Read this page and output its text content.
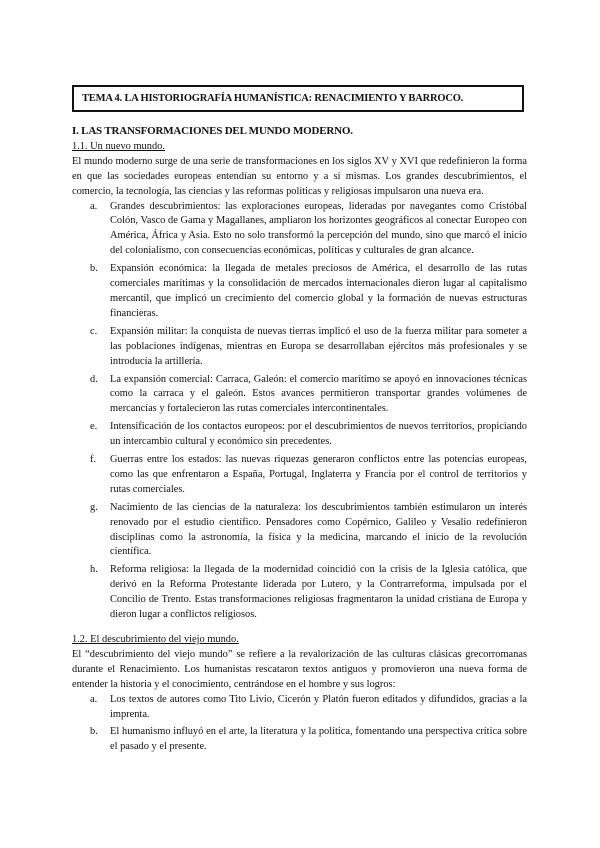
TEMA 4. LA HISTORIOGRAFÍA HUMANÍSTICA: RENACIMIENTO Y BARROCO.

I. LAS TRANSFORMACIONES DEL MUNDO MODERNO.

1.1. Un nuevo mundo.

El mundo moderno surge de una serie de transformaciones en los siglos XV y XVI que redefinieron la forma en que las sociedades europeas entendían su entorno y a sí mismas. Los grandes descubrimientos, el comercio, la tecnología, las ciencias y las reformas políticas y religiosas impulsaron una nueva era.

a. Grandes descubrimientos: las exploraciones europeas, lideradas por navegantes como Cristóbal Colón, Vasco de Gama y Magallanes, ampliaron los horizontes geográficos al conectar Europeo con América, África y Asia. Esto no solo transformó la percepción del mundo, sino que marcó el inicio del colonialismo, con consecuencias económicas, políticas y culturales de gran alcance.
b. Expansión económica: la llegada de metales preciosos de América, el desarrollo de las rutas comerciales marítimas y la consolidación de mercados internacionales dieron lugar al capitalismo mercantil, que implicó un crecimiento del comercio global y la formación de nuevas estructuras financieras.
c. Expansión militar: la conquista de nuevas tierras implicó el uso de la fuerza militar para someter a las poblaciones indígenas, mientras en Europa se desarrollaban ejércitos más profesionales y se introducía la artillería.
d. La expansión comercial: Carraca, Galeón: el comercio marítimo se apoyó en innovaciones técnicas como la carraca y el galeón. Estos avances permitieron transportar grandes volúmenes de mercancías y fortalecieron las rutas comerciales intercontinentales.
e. Intensificación de los contactos europeos: por el descubrimientos de nuevos territorios, propiciando un intercambio cultural y económico sin precedentes.
f. Guerras entre los estados: las nuevas riquezas generaron conflictos entre las potencias europeas, como las que enfrentaron a España, Portugal, Inglaterra y Francia por el control de territorios y rutas comerciales.
g. Nacimiento de las ciencias de la naturaleza: los descubrimientos también estimularon un interés renovado por el estudio científico. Pensadores como Copérnico, Galileo y Vesalio redefinieron disciplinas como la astronomía, la física y la medicina, marcando el inicio de la revolución científica.
h. Reforma religiosa: la llegada de la modernidad coincidió con la crisis de la Iglesia católica, que derivó en la Reforma Protestante liderada por Lutero, y la Contrarreforma, impulsada por el Concilio de Trento. Estas transformaciones religiosas fragmentaron la unidad cristiana de Europa y dieron lugar a conflictos religiosos.

1.2. El descubrimiento del viejo mundo.

El “descubrimiento del viejo mundo” se refiere a la revalorización de las culturas clásicas grecorromanas durante el Renacimiento. Los humanistas rescataron textos antiguos y promovieron una nueva forma de entender la historia y el conocimiento, centrándose en el hombre y sus logros:

a. Los textos de autores como Tito Livio, Cicerón y Platón fueron editados y difundidos, gracias a la imprenta.
b. El humanismo influyó en el arte, la literatura y la política, fomentando una perspectiva crítica sobre el pasado y el presente.
